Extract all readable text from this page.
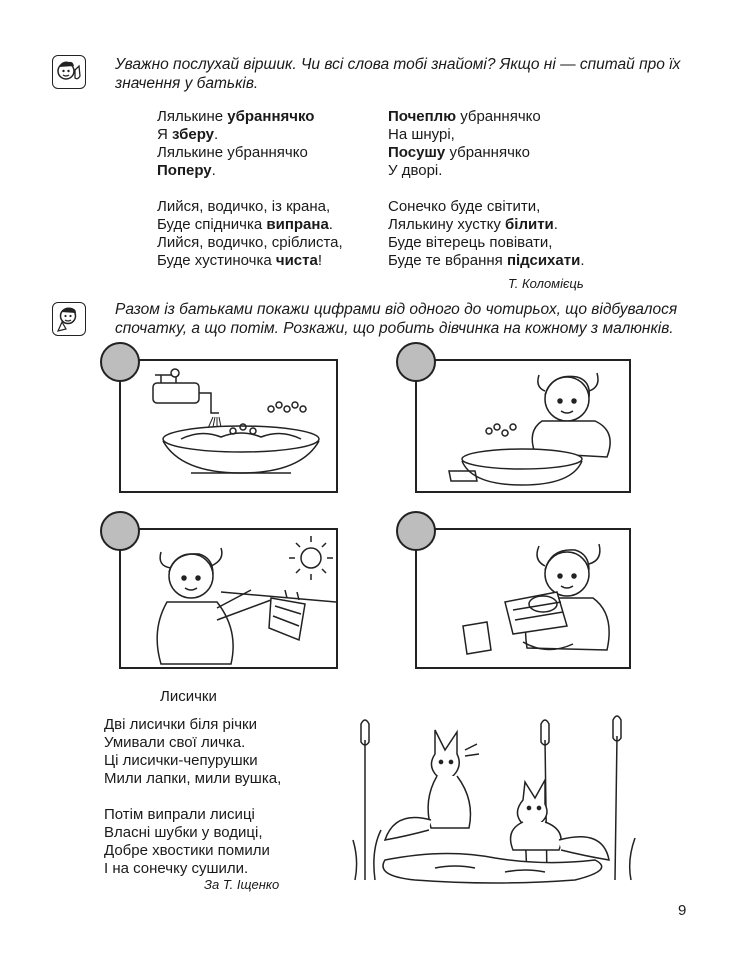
Уважно послухай віршик. Чи всі слова тобі знайомі? Якщо ні — спитай про їх значення у батьків.

Лялькине убраннячко

Я зберу.

Лялькине убраннячко

Поперу.

Лийся, водичко, із крана,

Буде спідничка випрана.

Лийся, водичко, сріблиста,

Буде хустиночка чиста!

Почеплю убраннячко

На шнурі,

Посушу убраннячко

У дворі.

Сонечко буде світити,

Лялькину хустку білити.

Буде вітерець повівати,

Буде те вбрання підсихати.

Т. Коломієць
Разом із батьками покажи цифрами від одного до чотирьох, що відбувалося спочатку, а що потім. Розкажи, що робить дівчинка на кожному з малюнків.
Лисички

Дві лисички біля річки

Умивали свої личка.

Ці лисички-чепурушки

Мили лапки, мили вушка,

Потім випрали лисиці

Власні шубки у водиці,

Добре хвостики помили

І на сонечку сушили.

За Т. Іщенко
9
